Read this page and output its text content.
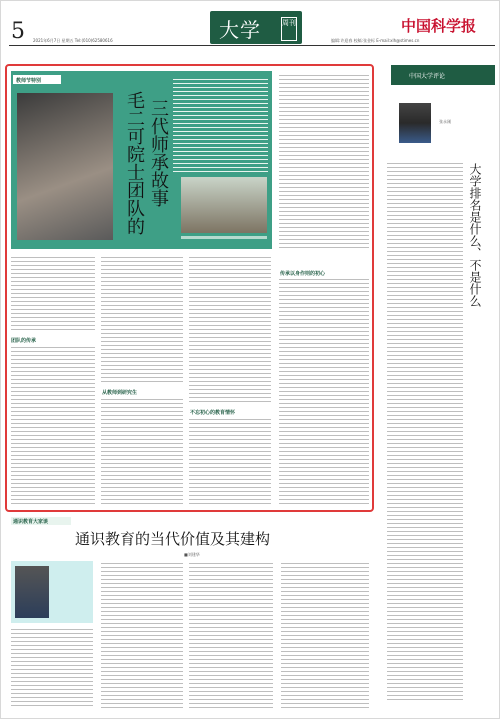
5 2021年6月7日 星期五 Tel:(010)62580616	编辑:许迎春 校稿:张金标 E-mail:xlh@stimes.cn
大学	周刊	中国科学报
教师节特别
毛二可院士团队的 三代师承故事
传承以身作则的初心
团队的传承
从教师到研究生
不忘初心的教育情怀
中国大学评论
张永刚
大学排名是什么、不是什么
通识教育大家谈
通识教育的当代价值及其建构
■刘建华
